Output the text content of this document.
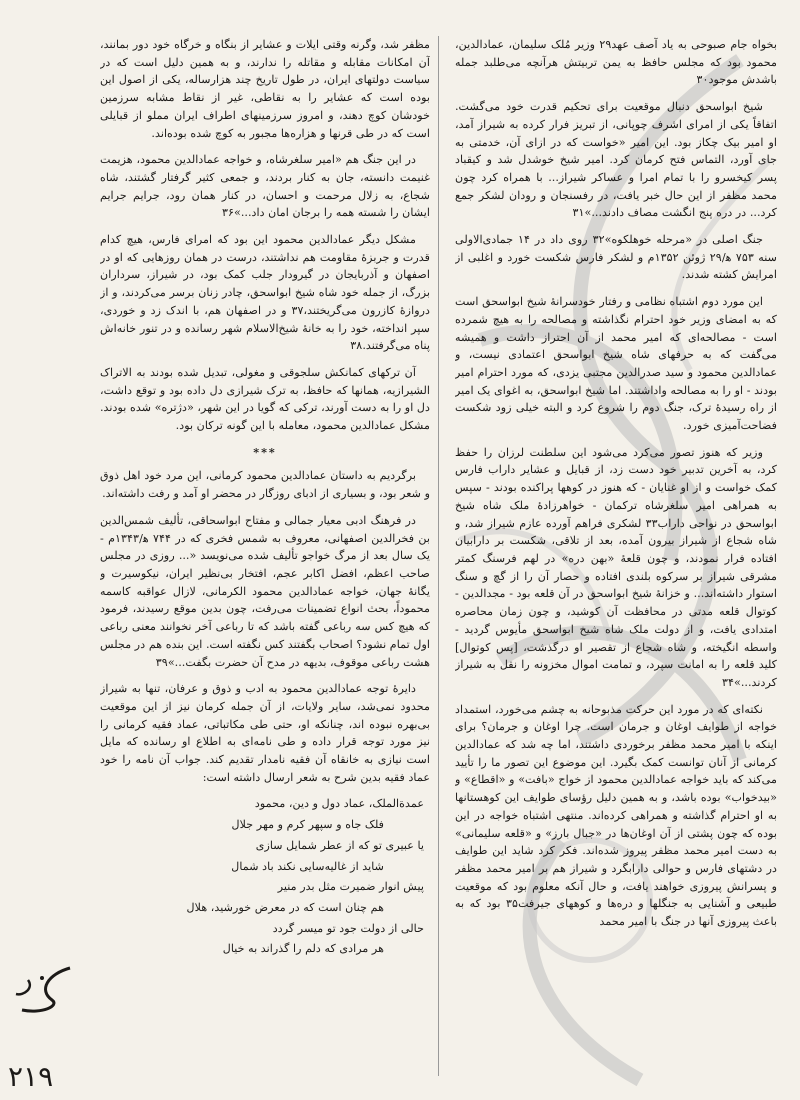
بخواه جام صبوحی به یاد آصف عهد۲۹ وزیر مُلک سلیمان، عمادالدین، محمود بود که مجلس حافظ به یمن تربیتش هرآنچه می‌طلبد جمله باشدش موجود۳۰

شیخ ابواسحق دنبال موقعیت برای تحکیم قدرت خود می‌گشت. اتفاقاً یکی از امرای اشرف چوپانی، از تبریز فرار کرده به شیراز آمد، او امیر بیک چکاز بود. این امیر «خواست که در ازای آن، خدمتی به جای آورد، التماس فتح کرمان کرد. امیر شیخ خوشدل شد و کیقباد پسر کیخسرو را با تمام امرا و عساکر شیراز... با همراه کرد چون محمد مظفر از این حال خبر یافت، در رفسنجان و رودان لشکر جمع کرد... در دره پنج انگشت مصاف دادند...»۳۱

جنگ اصلی در «مرحله خوهلکوه»۳۲ روی داد در ۱۴ جمادی‌الاولی سنه ۷۵۳ ه‍/۲۹ ژوئن ۱۳۵۲م و لشکر فارس شکست خورد و اغلبی از امرایش کشته شدند.

این مورد دوم اشتباه نظامی و رفتار خودسرانهٔ شیخ ابواسحق است که به امضای وزیر خود احترام نگذاشته و مصالحه را به هیچ شمرده است - مصالحه‌ای که امیر محمد از آن احتراز داشت و همیشه می‌گفت که به حرفهای شاه شیخ ابواسحق اعتمادی نیست، و عمادالدین محمود و سید صدرالدین مجتبی یزدی، که مورد احترام امیر بودند - او را به مصالحه واداشتند. اما شیخ ابواسحق، به اغوای یک امیر از راه رسیدهٔ ترک، جنگ دوم را شروع کرد و البته خیلی زود شکست فضاحت‌آمیزی خورد.

وزیر که هنوز تصور می‌کرد می‌شود این سلطنت لرزان را حفظ کرد، به آخرین تدبیر خود دست زد، از قبایل و عشایر داراب فارس کمک خواست و از او غنایان - که هنوز در کوهها پراکنده بودند - سپس به همراهی امیر سلغرشاه ترکمان - خواهرزادهٔ ملک شاه شیخ ابواسحق در نواحی داراب۳۳ لشکری فراهم آورده عازم شیراز شد، و شاه شجاع از شیراز بیرون آمده، بعد از تلاقی، شکست بر دارابیان افتاده فرار نمودند، و چون قلعهٔ «بهن دره» در لهم فرسنگ کمتر مشرقی شیراز بر سرکوه بلندی افتاده و حصار آن را از گچ و سنگ استوار داشته‌اند... و خزانهٔ شیخ ابواسحق در آن قلعه بود - مجدالدین - کوتوال قلعه مدتی در محافظت آن کوشید، و چون زمان محاصره امتدادی یافت، و از دولت ملک شاه شیخ ابواسحق مأیوس گردید - واسطه انگیخته، و شاه شجاع از تقصیر او درگذشت، [پس کوتوال] کلید قلعه را به امانت سپرد، و تمامت اموال مخزونه را نقل به شیراز کردند...»۳۴

نکته‌ای که در مورد این حرکت مذبوحانه به چشم می‌خورد، استمداد خواجه از طوایف اوغان و جرمان است. چرا اوغان و جرمان؟ برای اینکه با امیر محمد مظفر برخوردی داشتند، اما چه شد که عمادالدین کرمانی از آنان توانست کمک بگیرد. این موضوع این تصور ما را تأیید می‌کند که باید خواجه عمادالدین محمود از خواج «بافت» و «اقطاع» و «بیدخواب» بوده باشد، و به همین دلیل رؤسای طوایف این کوهستانها به او احترام گذاشته و همراهی کرده‌اند. منتهی اشتباه خواجه در این بوده که چون پشتی از آن اوغان‌ها در «جبال بارز» و «قلعه سلیمانی» به دست امیر محمد مظفر پیروز شده‌اند. فکر کرد شاید این طوایف در دشتهای فارس و حوالی دارابگرد و شیراز هم بر امیر محمد مظفر و پسرانش پیروزی خواهند یافت، و حال آنکه معلوم بود که موقعیت طبیعی و آشنایی به جنگلها و دره‌ها و کوههای جیرفت۳۵ بود که به باعث پیروزی آنها در جنگ با امیر محمد

مظفر شد، وگرنه وقتی ایلات و عشایر از بنگاه و خرگاه خود دور بمانند، آن امکانات مقابله و مقاتله را ندارند، و به همین دلیل است که در سیاست دولتهای ایران، در طول تاریخ چند هزارساله، یکی از اصول این بوده است که عشایر را به نقاطی، غیر از نقاط مشابه سرزمین خودشان کوچ دهند، و امروز سرزمینهای اطراف ایران مملو از قبایلی است که در طی قرنها و هزاره‌ها مجبور به کوچ شده بوده‌اند.

در این جنگ هم «امیر سلغرشاه، و خواجه عمادالدین محمود، هزیمت غنیمت دانسته، جان به کنار بردند، و جمعی کثیر گرفتار گشتند، شاه شجاع، به زلال مرحمت و احسان، در کنار همان رود، جرایم جرایم ایشان را شسته همه را برجان امان داد...»۳۶

مشکل دیگر عمادالدین محمود این بود که امرای فارس، هیچ کدام قدرت و جربزهٔ مقاومت هم نداشتند، درست در همان روزهایی که او در اصفهان و آذربایجان در گیرودار جلب کمک بود، در شیراز، سرداران بزرگ، از جمله خود شاه شیخ ابواسحق، چادر زنان برسر می‌کردند، و از دروازهٔ کازرون می‌گریختند،۳۷ و در اصفهان هم، با اندک زد و خوردی، سپر انداخته، خود را به خانهٔ شیخ‌الاسلام شهر رسانده و در تنور خانه‌اش پناه می‌گرفتند.۳۸

آن ترکهای کمانکش سلجوقی و مغولی، تبدیل شده بودند به الاتراک الشیرازیه، همانها که حافظ، به ترک شیرازی دل داده بود و توقع داشت، دل او را به دست آورند، ترکی که گویا در این شهر، «دژتره» شده بودند. مشکل عمادالدین محمود، معامله با این گونه ترکان بود.

***

برگردیم به داستان عمادالدین محمود کرمانی، این مرد خود اهل ذوق و شعر بود، و بسیاری از ادبای روزگار در محضر او آمد و رفت داشته‌اند.

در فرهنگ ادبی معیار جمالی و مفتاح ابواسحاقی، تألیف شمس‌الدین بن فخرالدین اصفهانی، معروف به شمس فخری که در ۷۴۴ ه‍/۱۳۴۳م - یک سال بعد از مرگ خواجو تألیف شده می‌نویسد «... روزی در مجلس صاحب اعظم، افضل اکابر عجم، افتخار بی‌نظیر ایران، نیکوسیرت و یگانهٔ جهان، خواجه عمادالدین محمود الکرمانی، لازال عواقبه کاسمه محموداً، بحث انواع تضمینات می‌رفت، چون بدین موقع رسیدند، فرمود که هیچ کس سه رباعی گفته باشد که تا رباعی آخر نخوانند معنی رباعی اول تمام نشود؟ اصحاب بگفتند کس نگفته است. این بنده هم در مجلس هشت رباعی موقوف، بدیهه در مدح آن حضرت بگفت...»۳۹

دایرهٔ توجه عمادالدین محمود به ادب و ذوق و عرفان، تنها به شیراز محدود نمی‌شد، سایر ولایات، از آن جمله کرمان نیز از این موقعیت بی‌بهره نبوده اند، چنانکه او، حتی طی مکاتباتی، عماد فقیه کرمانی را نیز مورد توجه قرار داده و طی نامه‌ای به اطلاع او رسانده که مایل است نیازی به خانقاه آن فقیه نامدار تقدیم کند. جواب آن نامه را خود عماد فقیه بدین شرح به شعر ارسال داشته است:

عمدة‌الملک، عماد دول و دین، محمود
فلک جاه و سپهر کرم و مهر جلال
یا عبیری تو که از عطر شمایل سازی
شاید از غالیه‌سایی نکند باد شمال
پیش انوار ضمیرت مثل بدر منیر
هم چنان است که در معرض خورشید، هلال
حالی از دولت جود تو میسر گردد
هر مرادی که دلم را گذراند به خیال
۲۱۹
